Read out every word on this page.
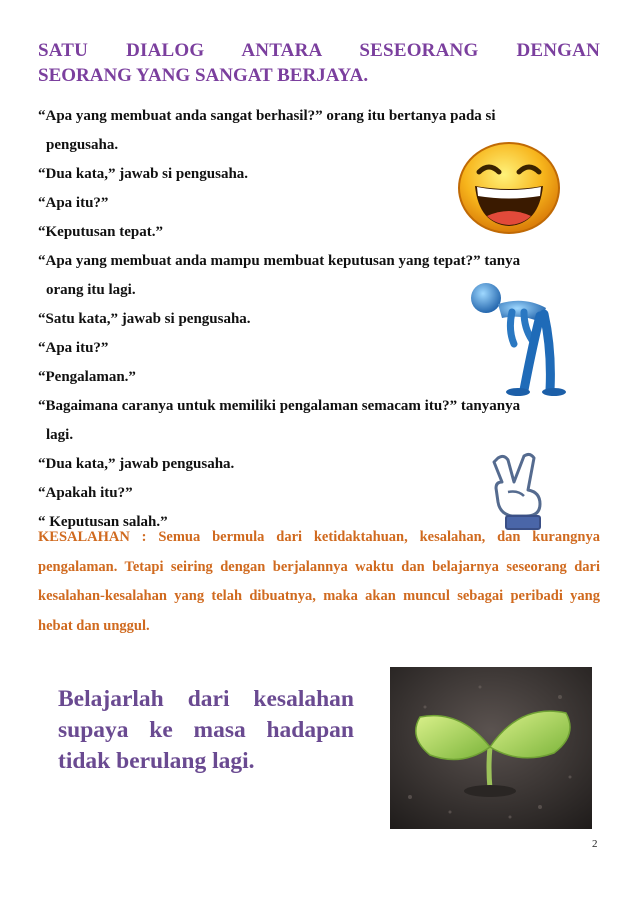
SATU DIALOG ANTARA SESEORANG DENGAN
SEORANG YANG SANGAT BERJAYA.
“Apa yang membuat anda sangat berhasil?” orang itu bertanya pada si
pengusaha.
“Dua kata,” jawab si pengusaha.
“Apa itu?”
“Keputusan tepat.”
“Apa yang membuat anda mampu membuat keputusan yang tepat?” tanya
orang itu lagi.
“Satu kata,” jawab si pengusaha.
“Apa itu?”
“Pengalaman.”
“Bagaimana caranya untuk memiliki pengalaman semacam itu?” tanyanya
lagi.
“Dua kata,” jawab pengusaha.
“Apakah itu?”
“ Keputusan salah.”
KESALAHAN : Semua bermula dari ketidaktahuan, kesalahan, dan kurangnya pengalaman. Tetapi seiring dengan berjalannya waktu dan belajarnya seseorang dari kesalahan-kesalahan yang telah dibuatnya, maka akan muncul sebagai peribadi yang hebat dan unggul.
Belajarlah dari kesalahan supaya ke masa hadapan tidak berulang lagi.
2
